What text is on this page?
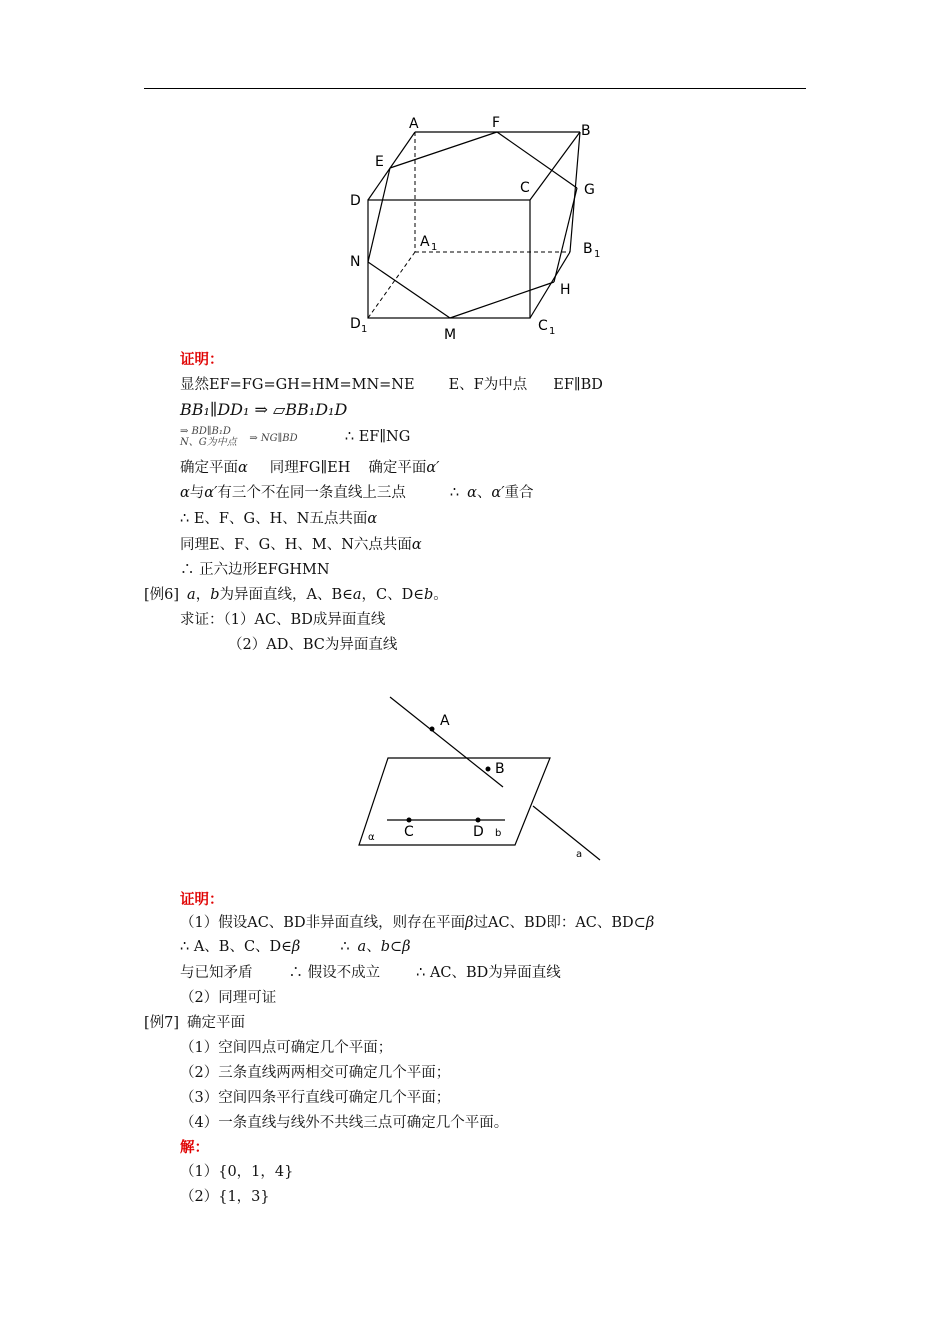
A	F	B
E
C	G
D
A 1	B 1
N
H
D 1	M
C 1
证明：
显然EF=FG=GH=HM=MN=NE E、F为中点 EF∥BD
BB₁∥DD₁ ⇒ ▱BB₁D₁D
⇒ BD∥B₁D
N、G为中点 ⇒ NG∥BD	∴ EF∥NG
确定平面α 同理FG∥EH 确定平面α′
α与α′有三个不在同一条直线上三点	∴ α、α′重合
∴ E、F、G、H、N五点共面α
同理E、F、G、H、M、N六点共面α
∴ 正六边形EFGHMN
[例6] a，b为异面直线，A、B∈a，C、D∈b。
求证：（1）AC、BD成异面直线
（2）AD、BC为异面直线
A
B
C	D b
α
a
证明：
（1）假设AC、BD非异面直线，则存在平面β过AC、BD即：AC、BD⊂β
∴ A、B、C、D∈β	∴ a、b⊂β
与已知矛盾 ∴ 假设不成立 ∴ AC、BD为异面直线
（2）同理可证
[例7] 确定平面
（1）空间四点可确定几个平面；
（2）三条直线两两相交可确定几个平面；
（3）空间四条平行直线可确定几个平面；
（4）一条直线与线外不共线三点可确定几个平面。
解：
（1）{0，1，4}
（2）{1，3}
